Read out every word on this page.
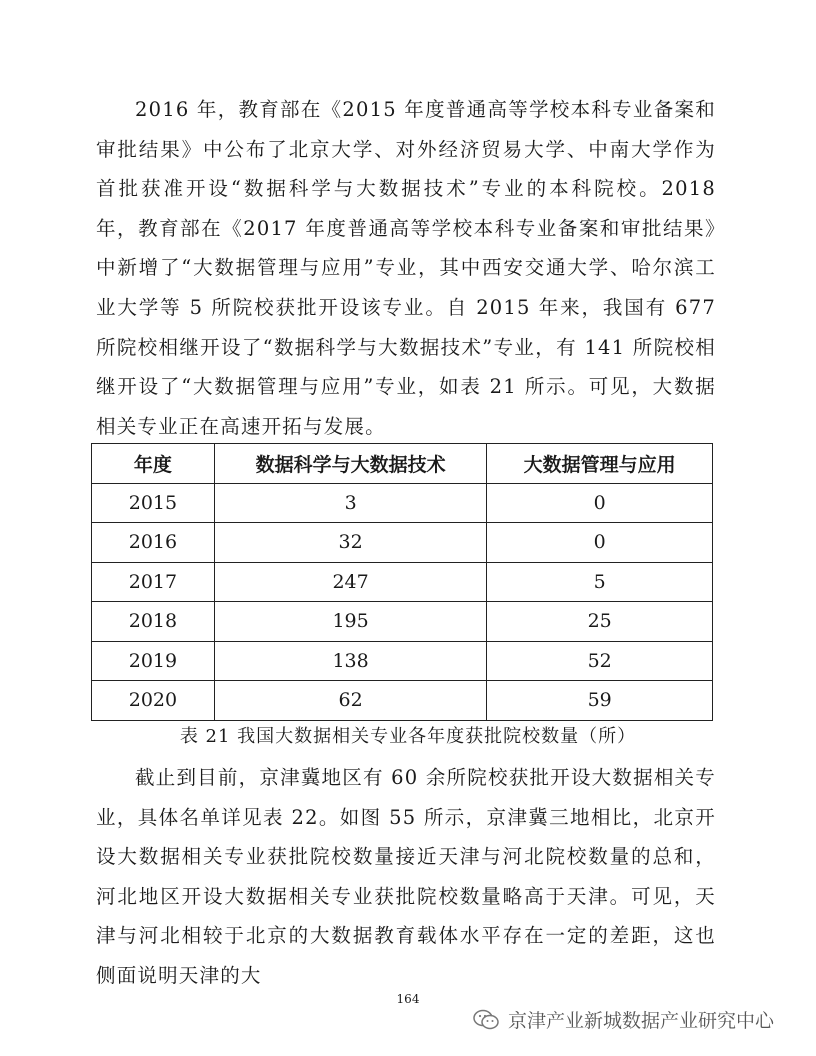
2016 年，教育部在《2015 年度普通高等学校本科专业备案和审批结果》中公布了北京大学、对外经济贸易大学、中南大学作为首批获准开设“数据科学与大数据技术”专业的本科院校。2018 年，教育部在《2017 年度普通高等学校本科专业备案和审批结果》中新增了“大数据管理与应用”专业，其中西安交通大学、哈尔滨工业大学等 5 所院校获批开设该专业。自 2015 年来，我国有 677 所院校相继开设了“数据科学与大数据技术”专业，有 141 所院校相继开设了“大数据管理与应用”专业，如表 21 所示。可见，大数据相关专业正在高速开拓与发展。

年度	数据科学与大数据技术	大数据管理与应用
2015	3	0
2016	32	0
2017	247	5
2018	195	25
2019	138	52
2020	62	59
表 21 我国大数据相关专业各年度获批院校数量（所）

截止到目前，京津冀地区有 60 余所院校获批开设大数据相关专业，具体名单详见表 22。如图 55 所示，京津冀三地相比，北京开设大数据相关专业获批院校数量接近天津与河北院校数量的总和，河北地区开设大数据相关专业获批院校数量略高于天津。可见，天津与河北相较于北京的大数据教育载体水平存在一定的差距，这也侧面说明天津的大

164
京津产业新城数据产业研究中心
